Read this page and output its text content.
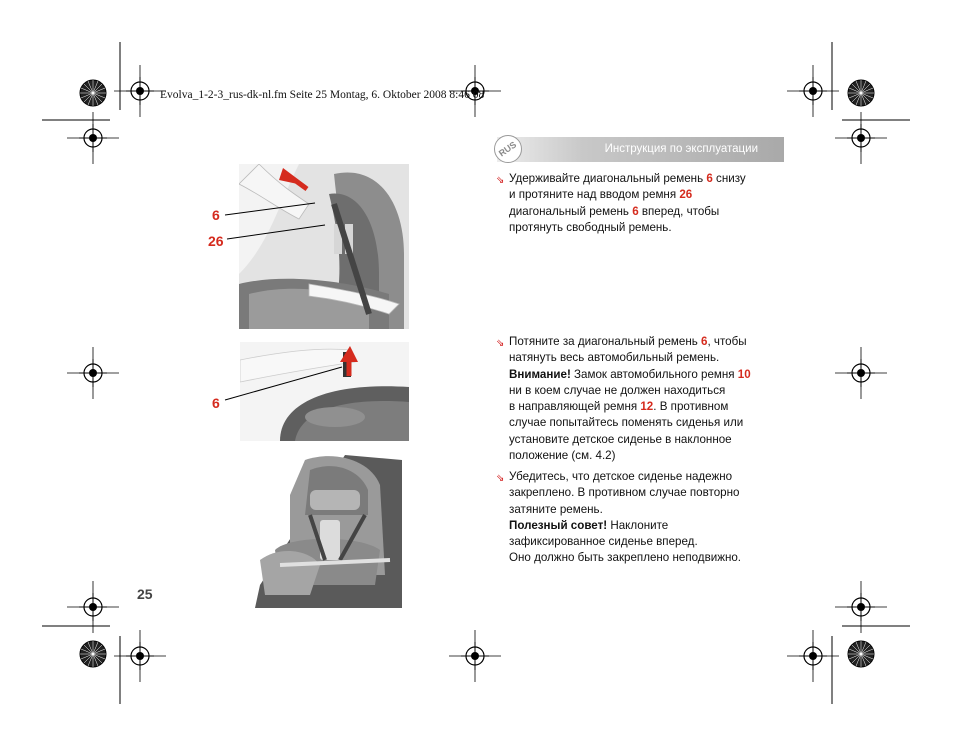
Evolva_1-2-3_rus-dk-nl.fm Seite 25 Montag, 6. Oktober 2008 8:46 08
Инструкция по эксплуатации
RUS
6
26
6
⇘ Удерживайте диагональный ремень 6 снизу

и протяните над вводом ремня 26

диагональный ремень 6 вперед, чтобы

протянуть свободный ремень.

⇘ Потяните за диагональный ремень 6, чтобы

натянуть весь автомобильный ремень.

Внимание! Замок автомобильного ремня 10

ни в коем случае не должен находиться

в направляющей ремня 12. В противном

случае попытайтесь поменять сиденья или

установите детское сиденье в наклонное

положение (см. 4.2)

⇘ Убедитесь, что детское сиденье надежно

закреплено. В противном случае повторно

затяните ремень.

Полезный совет! Наклоните

зафиксированное сиденье вперед.

Оно должно быть закреплено неподвижно.

25
